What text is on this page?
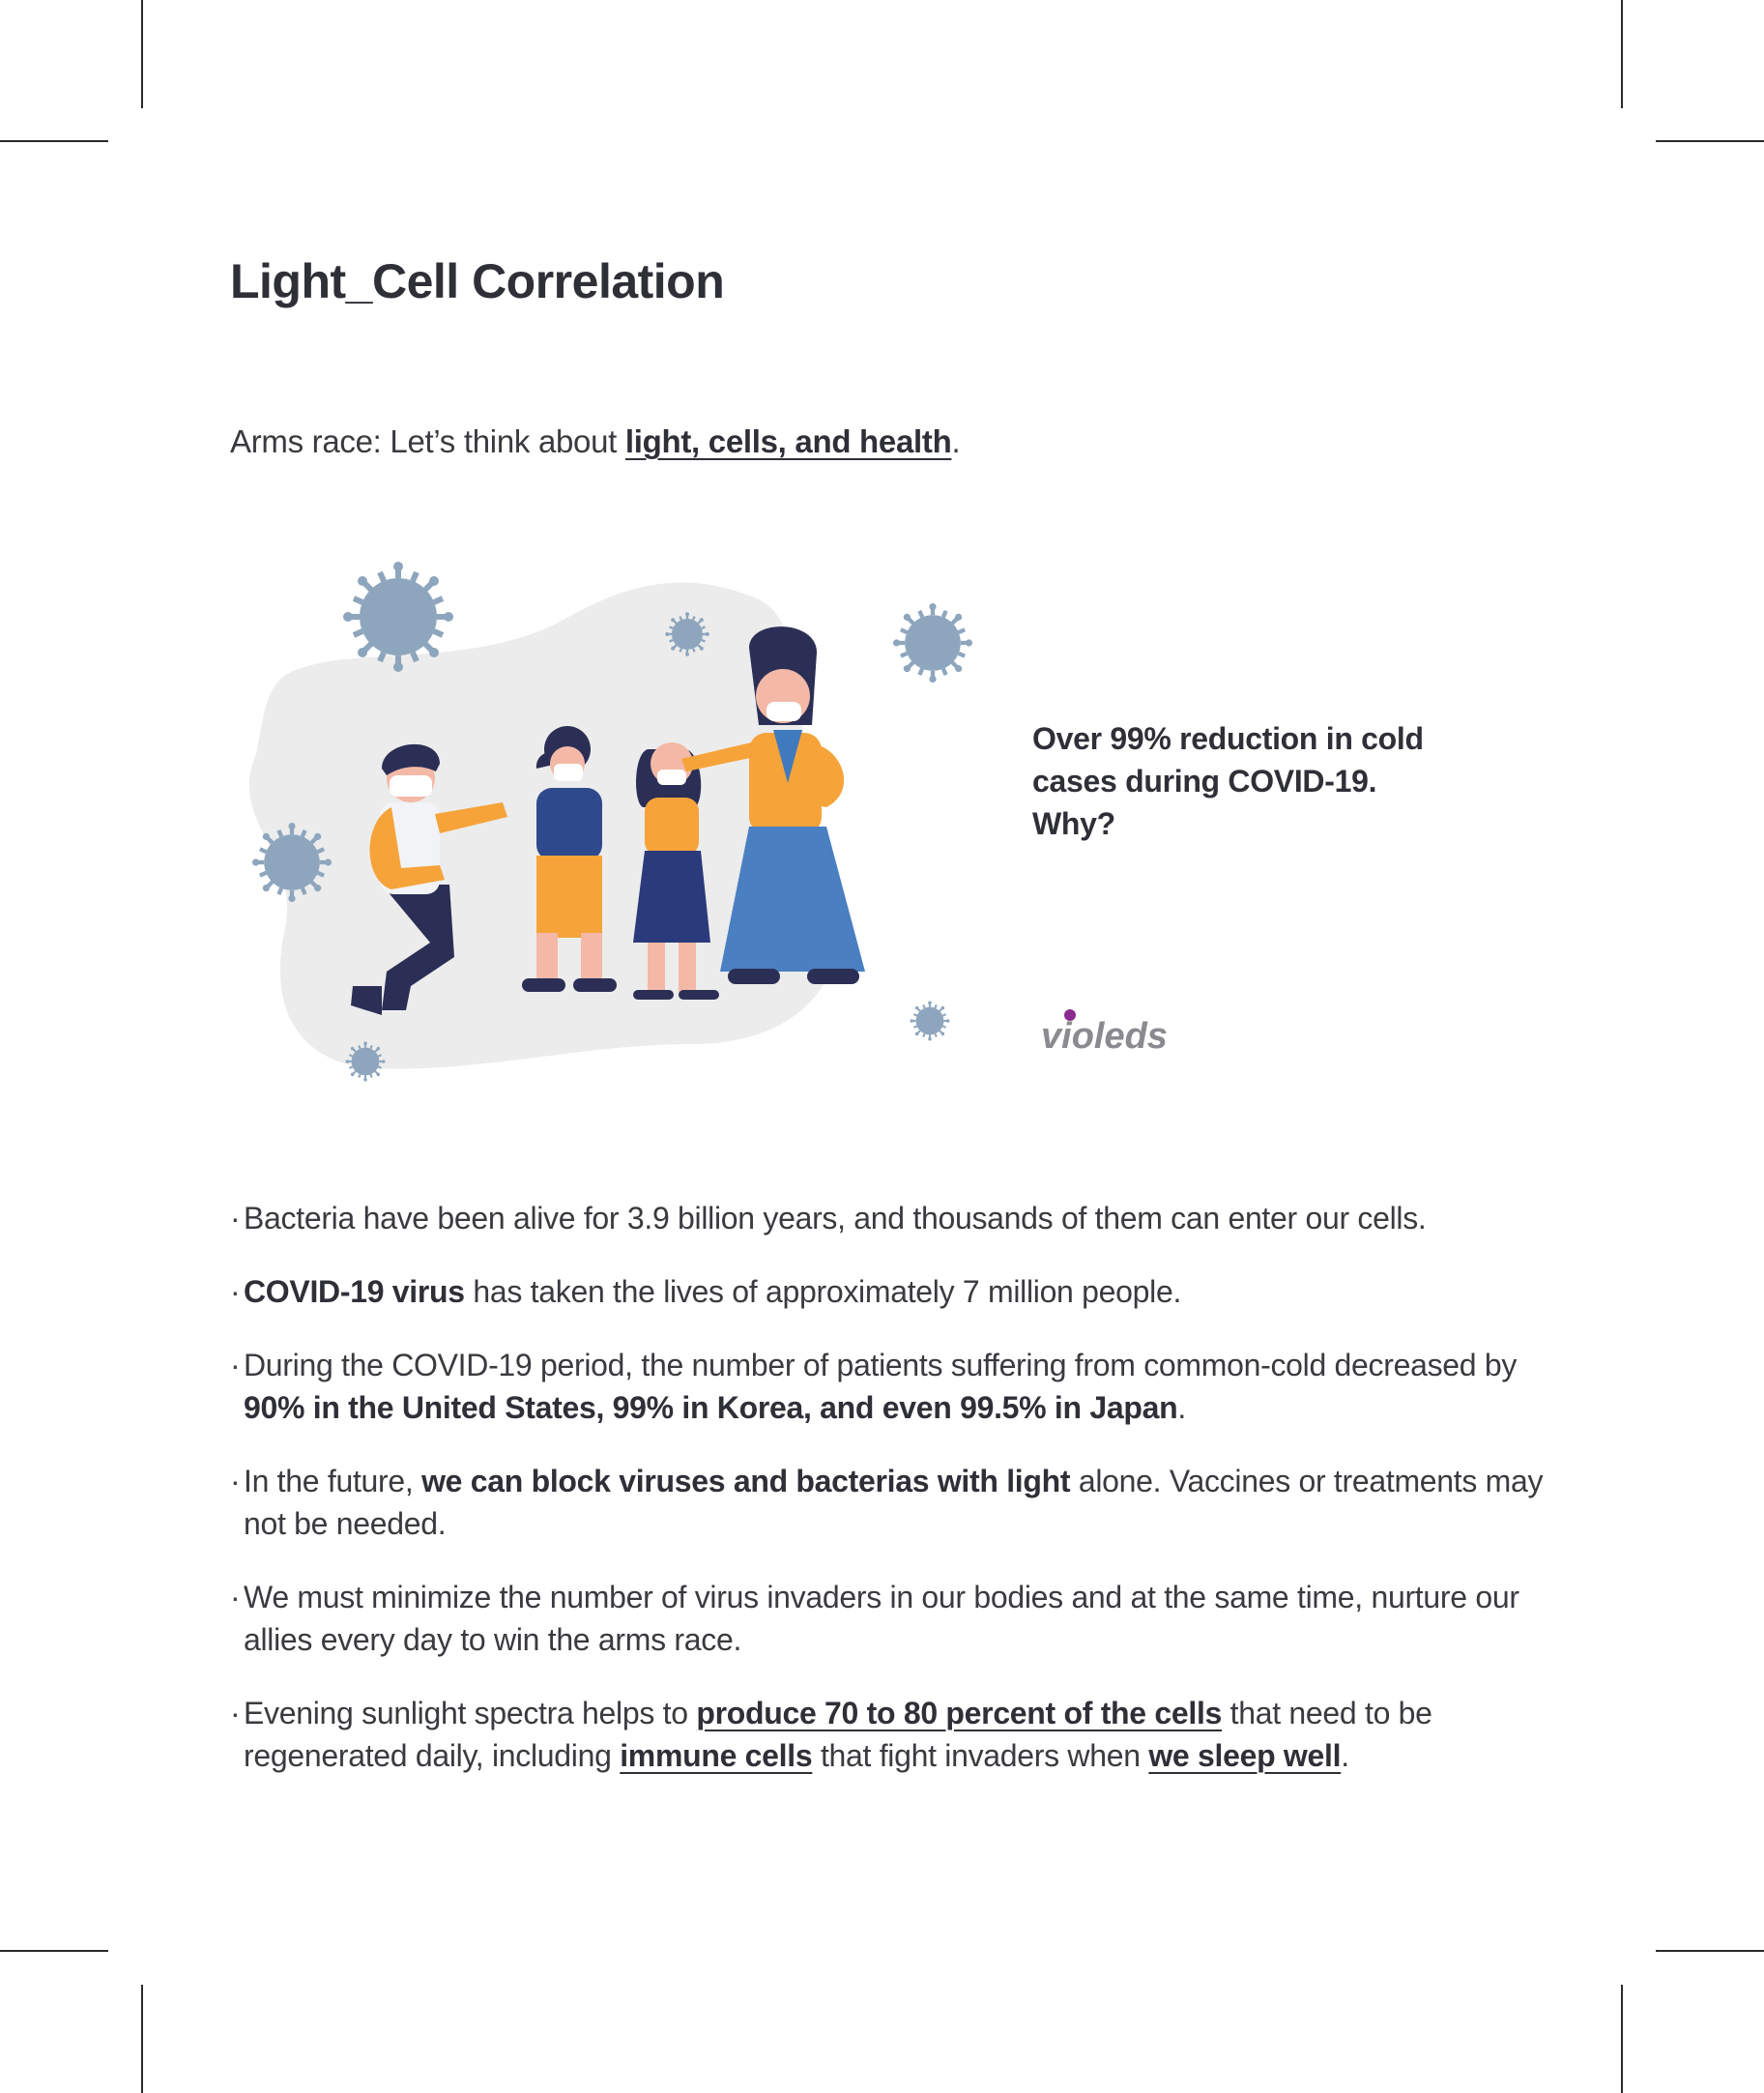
Light_Cell Correlation

Arms race: Let’s think about light, cells, and health.

Over 99% reduction in cold
cases during COVID-19.
Why?

violeds
· Bacteria have been alive for 3.9 billion years, and thousands of them can enter our cells.
· COVID-19 virus has taken the lives of approximately 7 million people.
· During the COVID-19 period, the number of patients suffering from common-cold decreased by 90% in the United States, 99% in Korea, and even 99.5% in Japan.
· In the future, we can block viruses and bacterias with light alone. Vaccines or treatments may not be needed.
· We must minimize the number of virus invaders in our bodies and at the same time, nurture our allies every day to win the arms race.
· Evening sunlight spectra helps to produce 70 to 80 percent of the cells that need to be regenerated daily, including immune cells that fight invaders when we sleep well.
